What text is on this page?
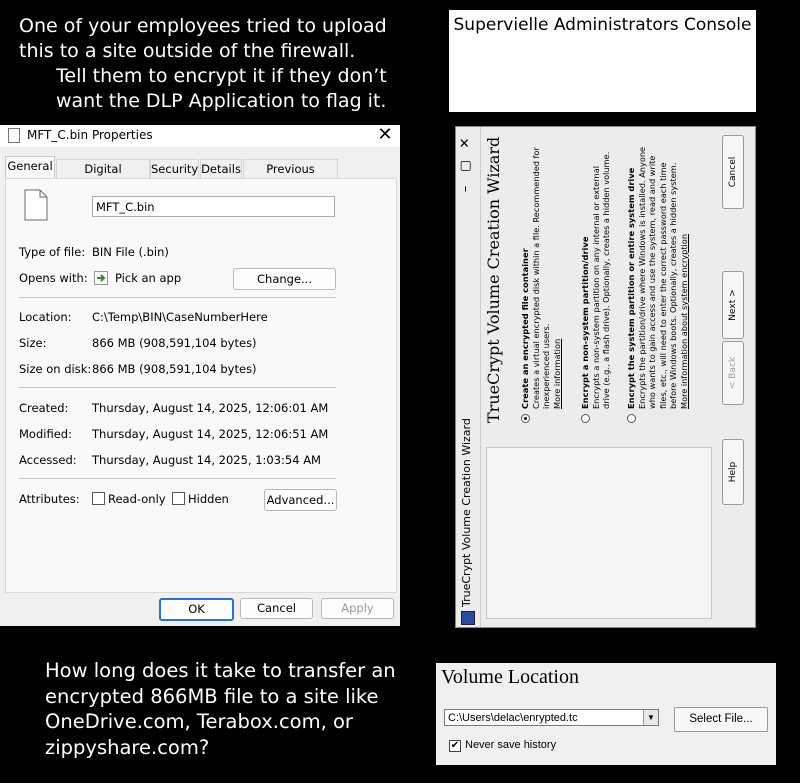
One of your employees tried to upload
this to a site outside of the firewall.
Tell them to encrypt it if they don’t
want the DLP Application to flag it.
How long does it take to transfer an
encrypted 866MB file to a site like
OneDrive.com, Terabox.com, or
zippyshare.com?
Supervielle Administrators Console
MFT_C.bin Properties	✕
General	Digital	Security Details	Previous
MFT_C.bin
Type of file: BIN File (.bin)
Opens with: Pick an app	Change...
Location: C:\Temp\BIN\CaseNumberHere
Size:	866 MB (908,591,104 bytes)
Size on disk: 866 MB (908,591,104 bytes)
Created: Thursday, August 14, 2025, 12:06:01 AM
Modified: Thursday, August 14, 2025, 12:06:51 AM
Accessed: Thursday, August 14, 2025, 1:03:54 AM
Attributes: Read-only Hidden	Advanced...
OK	Cancel	Apply
TrueCrypt Volume Creation Wizard
–
▢
✕ TrueCrypt Volume Creation Wizard Create an encrypted file container Creates a virtual encrypted disk within a file. Recommended for inexperienced users.
More information Encrypt a non-system partition/drive Encrypts a non-system partition on any internal or external drive (e.g., a flash drive). Optionally, creates a hidden volume. Encrypt the system partition or entire system drive Encrypts the partition/drive where Windows is installed. Anyone who wants to gain access and use the system, read and write files, etc., will need to enter the correct password each time before Windows boots. Optionally, creates a hidden system.
More information about system encryption
Help
< Back
Next >
Cancel
Volume Location
C:\Users\delac\enrypted.tc	▼	Select File...
✔ Never save history
